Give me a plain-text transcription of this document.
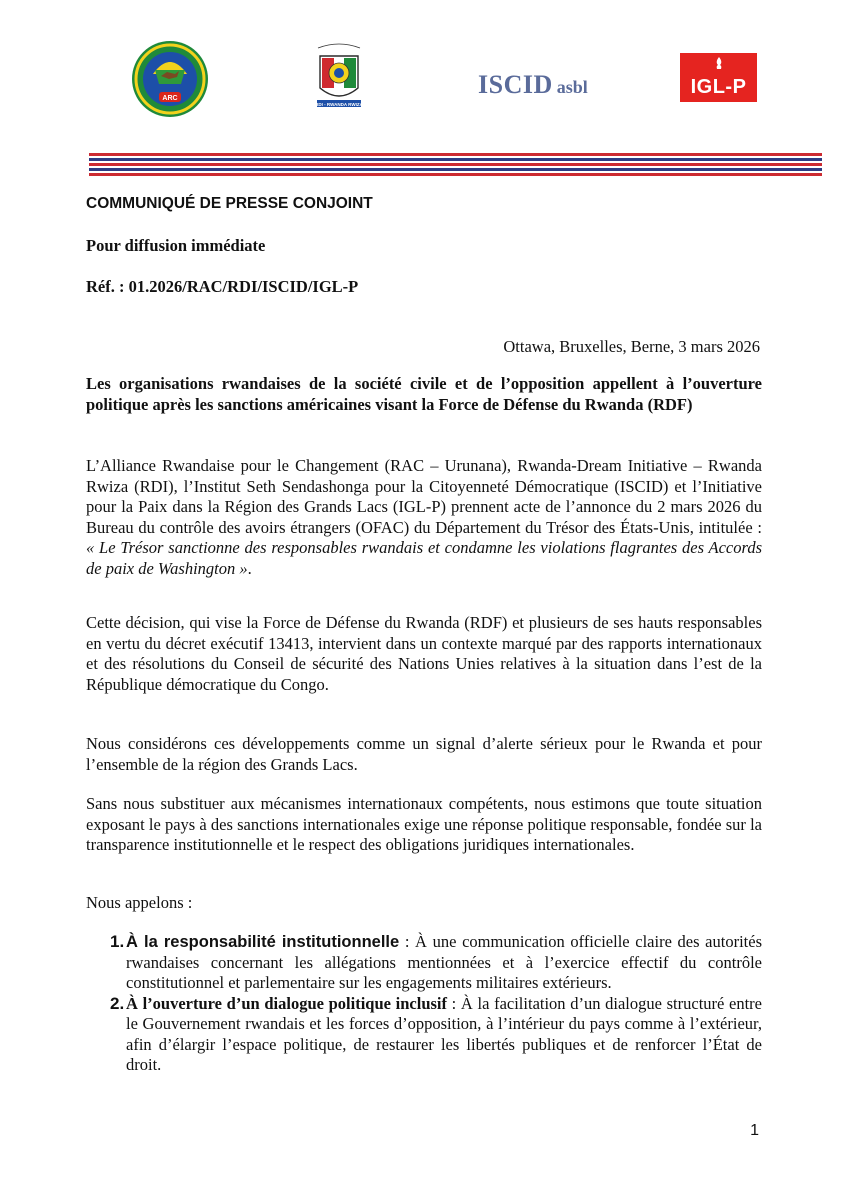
ARC
RDI - RWANDA RWIZA
ISCID asbl	IGL-P

COMMUNIQUÉ DE PRESSE CONJOINT

Pour diffusion immédiate

Réf. : 01.2026/RAC/RDI/ISCID/IGL-P

Ottawa, Bruxelles, Berne, 3 mars 2026

Les organisations rwandaises de la société civile et de l’opposition appellent à l’ouverture politique après les sanctions américaines visant la Force de Défense du Rwanda (RDF)

L’Alliance Rwandaise pour le Changement (RAC – Urunana), Rwanda-Dream Initiative – Rwanda Rwiza (RDI), l’Institut Seth Sendashonga pour la Citoyenneté Démocratique (ISCID) et l’Initiative pour la Paix dans la Région des Grands Lacs (IGL-P) prennent acte de l’annonce du 2 mars 2026 du Bureau du contrôle des avoirs étrangers (OFAC) du Département du Trésor des États-Unis, intitulée : « Le Trésor sanctionne des responsables rwandais et condamne les violations flagrantes des Accords de paix de Washington ».

Cette décision, qui vise la Force de Défense du Rwanda (RDF) et plusieurs de ses hauts responsables en vertu du décret exécutif 13413, intervient dans un contexte marqué par des rapports internationaux et des résolutions du Conseil de sécurité des Nations Unies relatives à la situation dans l’est de la République démocratique du Congo.

Nous considérons ces développements comme un signal d’alerte sérieux pour le Rwanda et pour l’ensemble de la région des Grands Lacs.

Sans nous substituer aux mécanismes internationaux compétents, nous estimons que toute situation exposant le pays à des sanctions internationales exige une réponse politique responsable, fondée sur la transparence institutionnelle et le respect des obligations juridiques internationales.

Nous appelons :

1. À la responsabilité institutionnelle : À une communication officielle claire des autorités rwandaises concernant les allégations mentionnées et à l’exercice effectif du contrôle constitutionnel et parlementaire sur les engagements militaires extérieurs.
2. À l’ouverture d’un dialogue politique inclusif : À la facilitation d’un dialogue structuré entre le Gouvernement rwandais et les forces d’opposition, à l’intérieur du pays comme à l’extérieur, afin d’élargir l’espace politique, de restaurer les libertés publiques et de renforcer l’État de droit.
1
